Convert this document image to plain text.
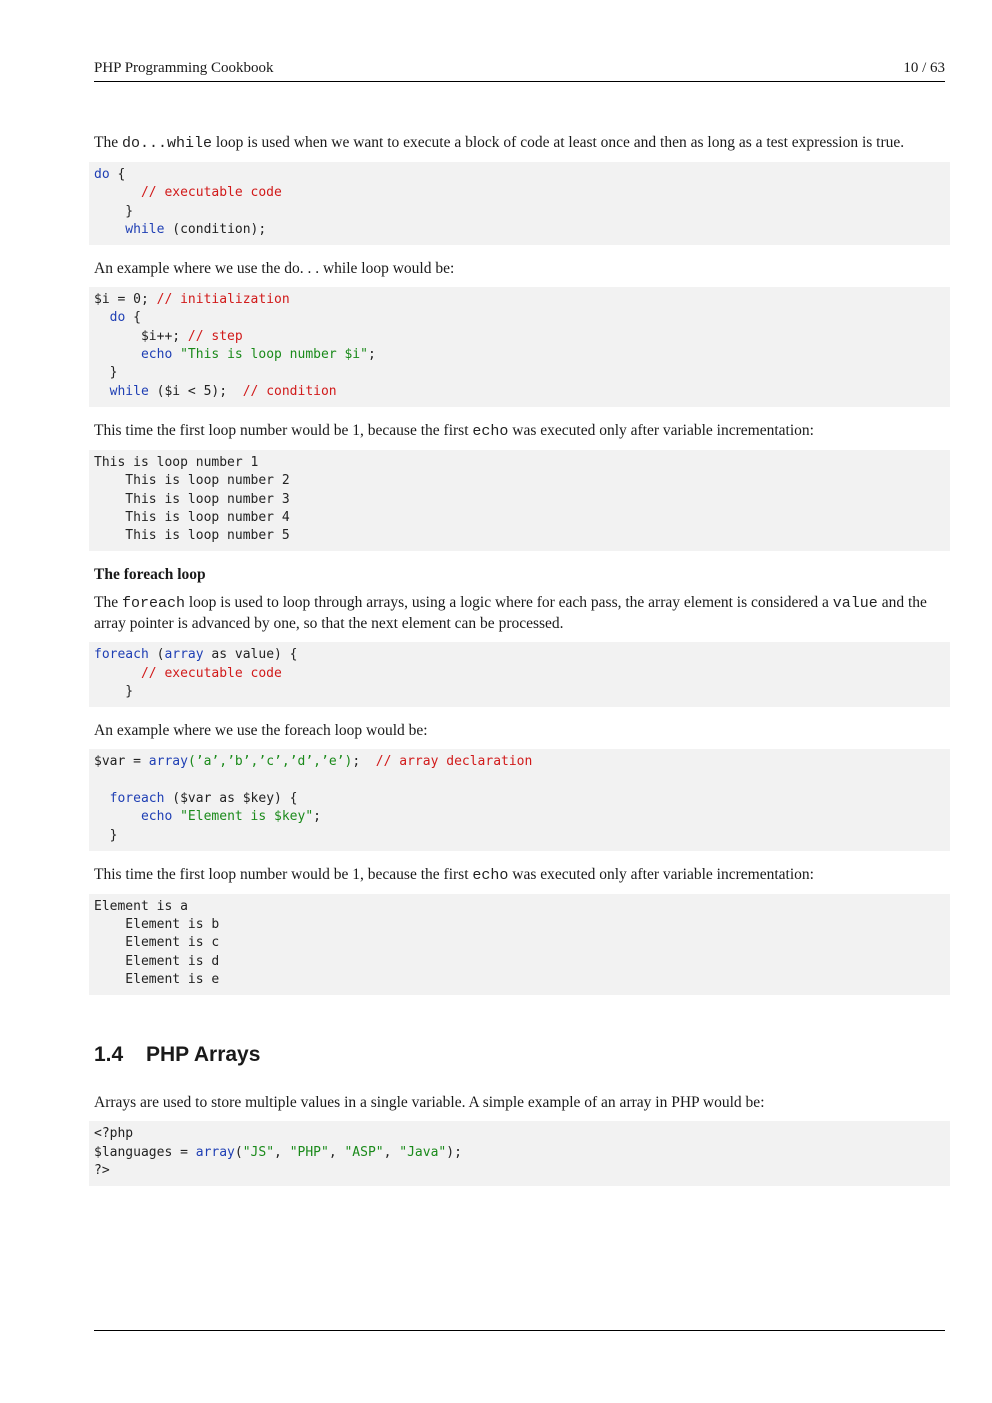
PHP Programming Cookbook	10 / 63

The do...while loop is used when we want to execute a block of code at least once and then as long as a test expression is true.

do {
// executable code
}
while (condition);

An example where we use the do. . . while loop would be:

$i = 0; // initialization
do {
$i++; // step
echo "This is loop number $i";
}
while ($i < 5);  // condition

This time the first loop number would be 1, because the first echo was executed only after variable incrementation:

This is loop number 1
This is loop number 2
This is loop number 3
This is loop number 4
This is loop number 5
The foreach loop

The foreach loop is used to loop through arrays, using a logic where for each pass, the array element is considered a value and the array pointer is advanced by one, so that the next element can be processed.

foreach (array as value) {
// executable code
}

An example where we use the foreach loop would be:

$var = array(’a’,’b’,’c’,’d’,’e’);  // array declaration

foreach ($var as $key) {
echo "Element is $key";
}

This time the first loop number would be 1, because the first echo was executed only after variable incrementation:

Element is a
Element is b
Element is c
Element is d
Element is e
1.4 PHP Arrays

Arrays are used to store multiple values in a single variable. A simple example of an array in PHP would be:

<?php
$languages = array("JS", "PHP", "ASP", "Java");
?>
